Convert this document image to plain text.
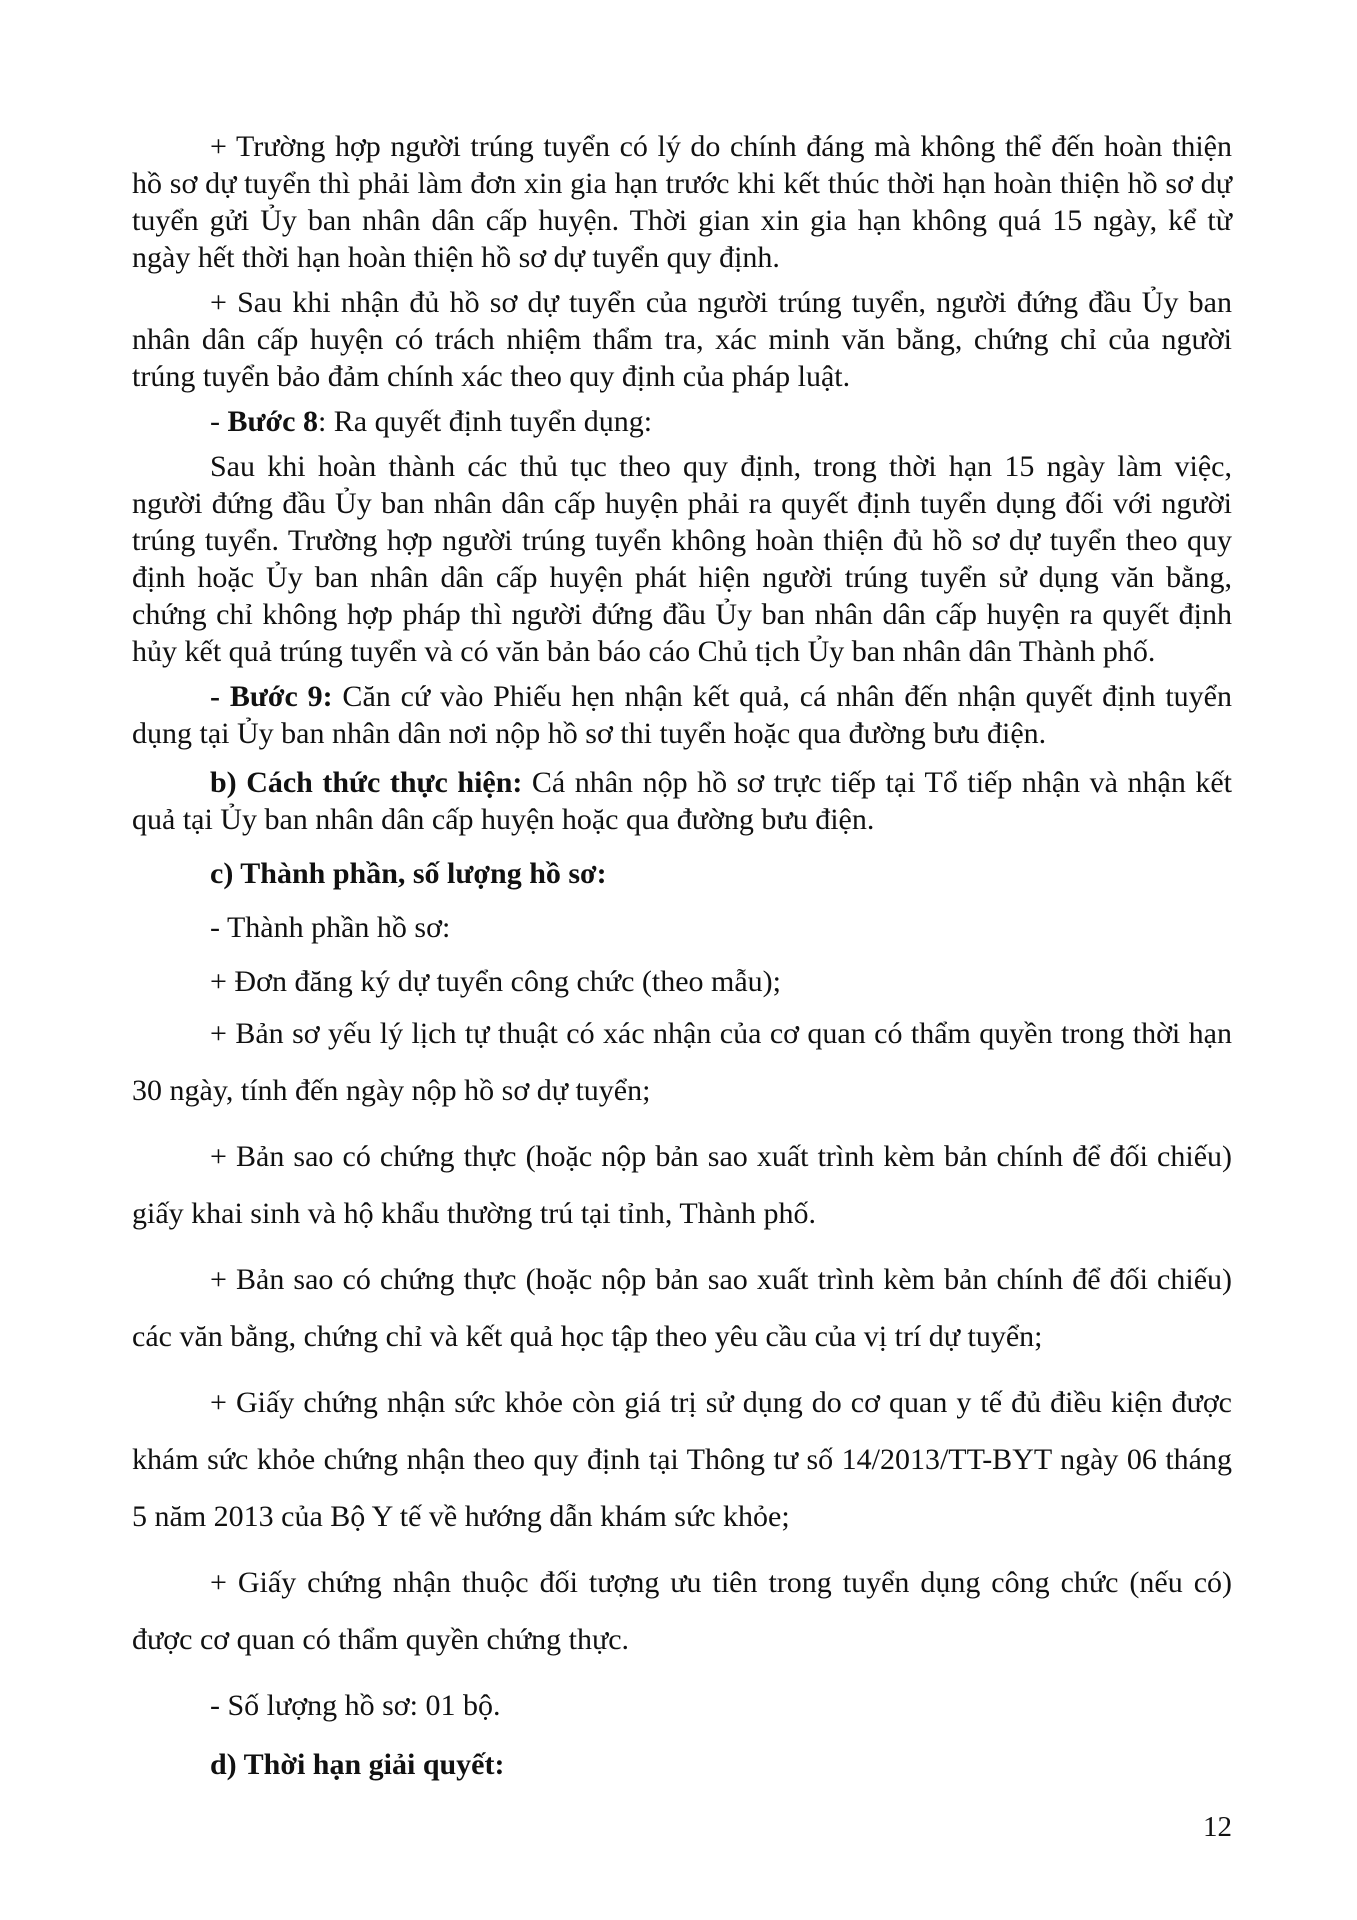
+ Trường hợp người trúng tuyển có lý do chính đáng mà không thể đến hoàn thiện hồ sơ dự tuyển thì phải làm đơn xin gia hạn trước khi kết thúc thời hạn hoàn thiện hồ sơ dự tuyển gửi Ủy ban nhân dân cấp huyện. Thời gian xin gia hạn không quá 15 ngày, kể từ ngày hết thời hạn hoàn thiện hồ sơ dự tuyển quy định.

+ Sau khi nhận đủ hồ sơ dự tuyển của người trúng tuyển, người đứng đầu Ủy ban nhân dân cấp huyện có trách nhiệm thẩm tra, xác minh văn bằng, chứng chỉ của người trúng tuyển bảo đảm chính xác theo quy định của pháp luật.

- Bước 8: Ra quyết định tuyển dụng:

Sau khi hoàn thành các thủ tục theo quy định, trong thời hạn 15 ngày làm việc, người đứng đầu Ủy ban nhân dân cấp huyện phải ra quyết định tuyển dụng đối với người trúng tuyển. Trường hợp người trúng tuyển không hoàn thiện đủ hồ sơ dự tuyển theo quy định hoặc Ủy ban nhân dân cấp huyện phát hiện người trúng tuyển sử dụng văn bằng, chứng chỉ không hợp pháp thì người đứng đầu Ủy ban nhân dân cấp huyện ra quyết định hủy kết quả trúng tuyển và có văn bản báo cáo Chủ tịch Ủy ban nhân dân Thành phố.

- Bước 9: Căn cứ vào Phiếu hẹn nhận kết quả, cá nhân đến nhận quyết định tuyển dụng tại Ủy ban nhân dân nơi nộp hồ sơ thi tuyển hoặc qua đường bưu điện.

b) Cách thức thực hiện: Cá nhân nộp hồ sơ trực tiếp tại Tổ tiếp nhận và nhận kết quả tại Ủy ban nhân dân cấp huyện hoặc qua đường bưu điện.

c) Thành phần, số lượng hồ sơ:

- Thành phần hồ sơ:

+ Đơn đăng ký dự tuyển công chức (theo mẫu);

+ Bản sơ yếu lý lịch tự thuật có xác nhận của cơ quan có thẩm quyền trong thời hạn 30 ngày, tính đến ngày nộp hồ sơ dự tuyển;

+ Bản sao có chứng thực (hoặc nộp bản sao xuất trình kèm bản chính để đối chiếu) giấy khai sinh và hộ khẩu thường trú tại tỉnh, Thành phố.

+ Bản sao có chứng thực (hoặc nộp bản sao xuất trình kèm bản chính để đối chiếu) các văn bằng, chứng chỉ và kết quả học tập theo yêu cầu của vị trí dự tuyển;

+ Giấy chứng nhận sức khỏe còn giá trị sử dụng do cơ quan y tế đủ điều kiện được khám sức khỏe chứng nhận theo quy định tại Thông tư số 14/2013/TT-BYT ngày 06 tháng 5 năm 2013 của Bộ Y tế về hướng dẫn khám sức khỏe;

+ Giấy chứng nhận thuộc đối tượng ưu tiên trong tuyển dụng công chức (nếu có) được cơ quan có thẩm quyền chứng thực.

- Số lượng hồ sơ: 01 bộ.

d) Thời hạn giải quyết:

12
